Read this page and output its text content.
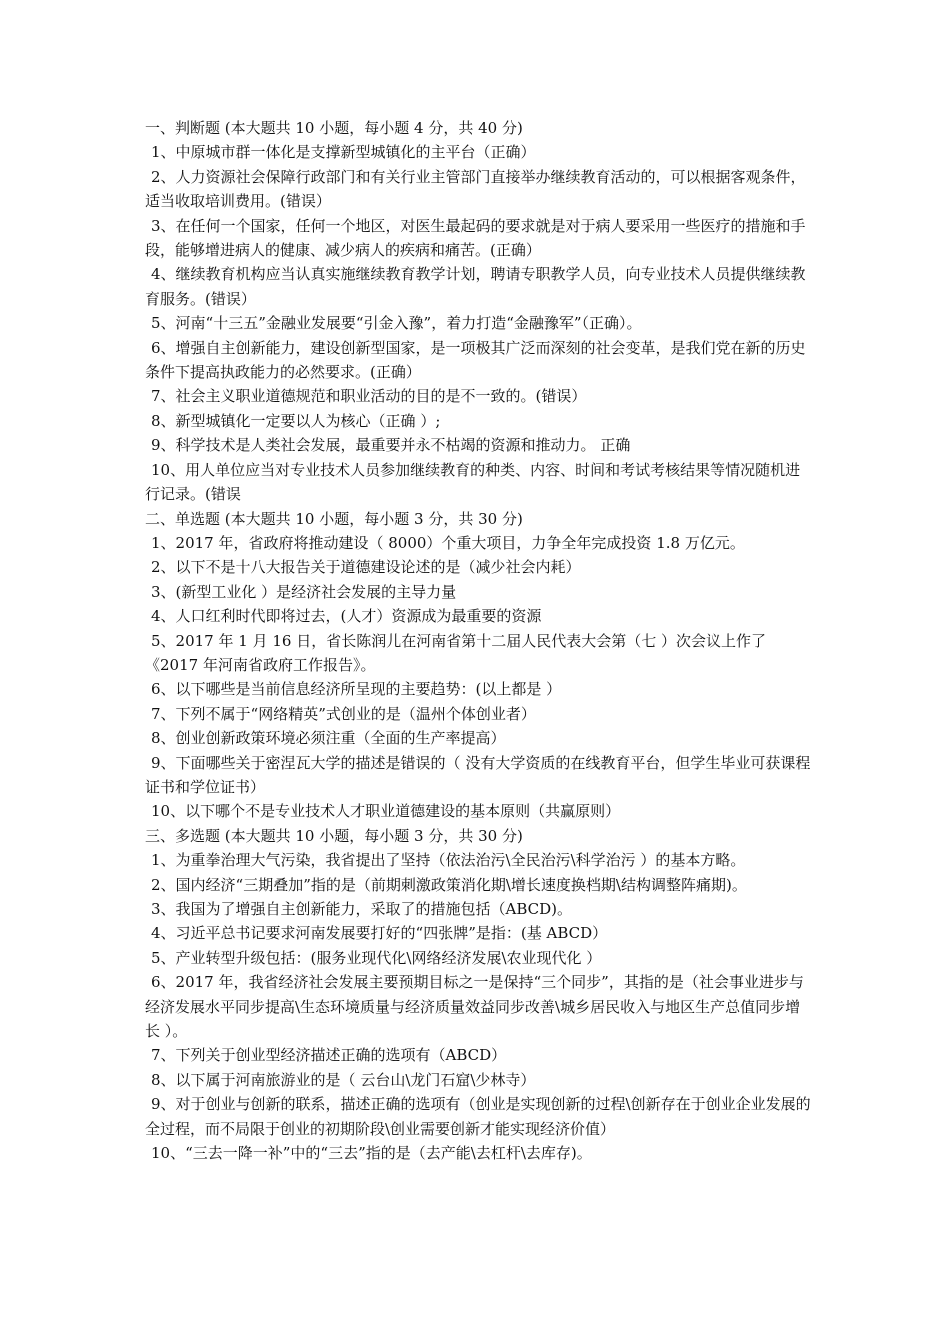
一、判断题 (本大题共 10 小题，每小题 4 分，共 40 分)

1、中原城市群一体化是支撑新型城镇化的主平台（正确）

2、人力资源社会保障行政部门和有关行业主管部门直接举办继续教育活动的，可以根据客观条件，适当收取培训费用。(错误）

3、在任何一个国家，任何一个地区，对医生最起码的要求就是对于病人要采用一些医疗的措施和手段，能够增进病人的健康、减少病人的疾病和痛苦。(正确）

4、继续教育机构应当认真实施继续教育教学计划，聘请专职教学人员，向专业技术人员提供继续教育服务。(错误）

5、河南“十三五”金融业发展要“引金入豫”，着力打造“金融豫军”（正确）。

6、增强自主创新能力，建设创新型国家，是一项极其广泛而深刻的社会变革，是我们党在新的历史条件下提高执政能力的必然要求。(正确）

7、社会主义职业道德规范和职业活动的目的是不一致的。(错误）

8、新型城镇化一定要以人为核心（正确 ）;

9、科学技术是人类社会发展，最重要并永不枯竭的资源和推动力。 正确

10、用人单位应当对专业技术人员参加继续教育的种类、内容、时间和考试考核结果等情况随机进行记录。(错误

二、单选题 (本大题共 10 小题，每小题 3 分，共 30 分)

1、2017 年，省政府将推动建设（ 8000）个重大项目，力争全年完成投资 1.8 万亿元。

2、以下不是十八大报告关于道德建设论述的是（减少社会内耗）

3、(新型工业化 ）是经济社会发展的主导力量

4、人口红利时代即将过去，(人才）资源成为最重要的资源

5、2017 年 1 月 16 日，省长陈润儿在河南省第十二届人民代表大会第（七 ）次会议上作了《2017 年河南省政府工作报告》。

6、以下哪些是当前信息经济所呈现的主要趋势：(以上都是 ）

7、下列不属于“网络精英”式创业的是（温州个体创业者）

8、创业创新政策环境必须注重（全面的生产率提高）

9、下面哪些关于密涅瓦大学的描述是错误的（ 没有大学资质的在线教育平台，但学生毕业可获课程证书和学位证书）

10、以下哪个不是专业技术人才职业道德建设的基本原则（共赢原则）

三、多选题 (本大题共 10 小题，每小题 3 分，共 30 分)

1、为重拳治理大气污染，我省提出了坚持（依法治污\全民治污\科学治污 ）的基本方略。

2、国内经济“三期叠加”指的是（前期刺激政策消化期\增长速度换档期\结构调整阵痛期)。

3、我国为了增强自主创新能力，采取了的措施包括（ABCD)。

4、习近平总书记要求河南发展要打好的“四张牌”是指：(基 ABCD）

5、产业转型升级包括：(服务业现代化\网络经济发展\农业现代化 ）

6、2017 年，我省经济社会发展主要预期目标之一是保持“三个同步”，其指的是（社会事业进步与经济发展水平同步提高\生态环境质量与经济质量效益同步改善\城乡居民收入与地区生产总值同步增长 ）。

7、下列关于创业型经济描述正确的选项有（ABCD）

8、以下属于河南旅游业的是（ 云台山\龙门石窟\少林寺）

9、对于创业与创新的联系，描述正确的选项有（创业是实现创新的过程\创新存在于创业企业发展的全过程，而不局限于创业的初期阶段\创业需要创新才能实现经济价值）

10、“三去一降一补”中的“三去”指的是（去产能\去杠杆\去库存)。
